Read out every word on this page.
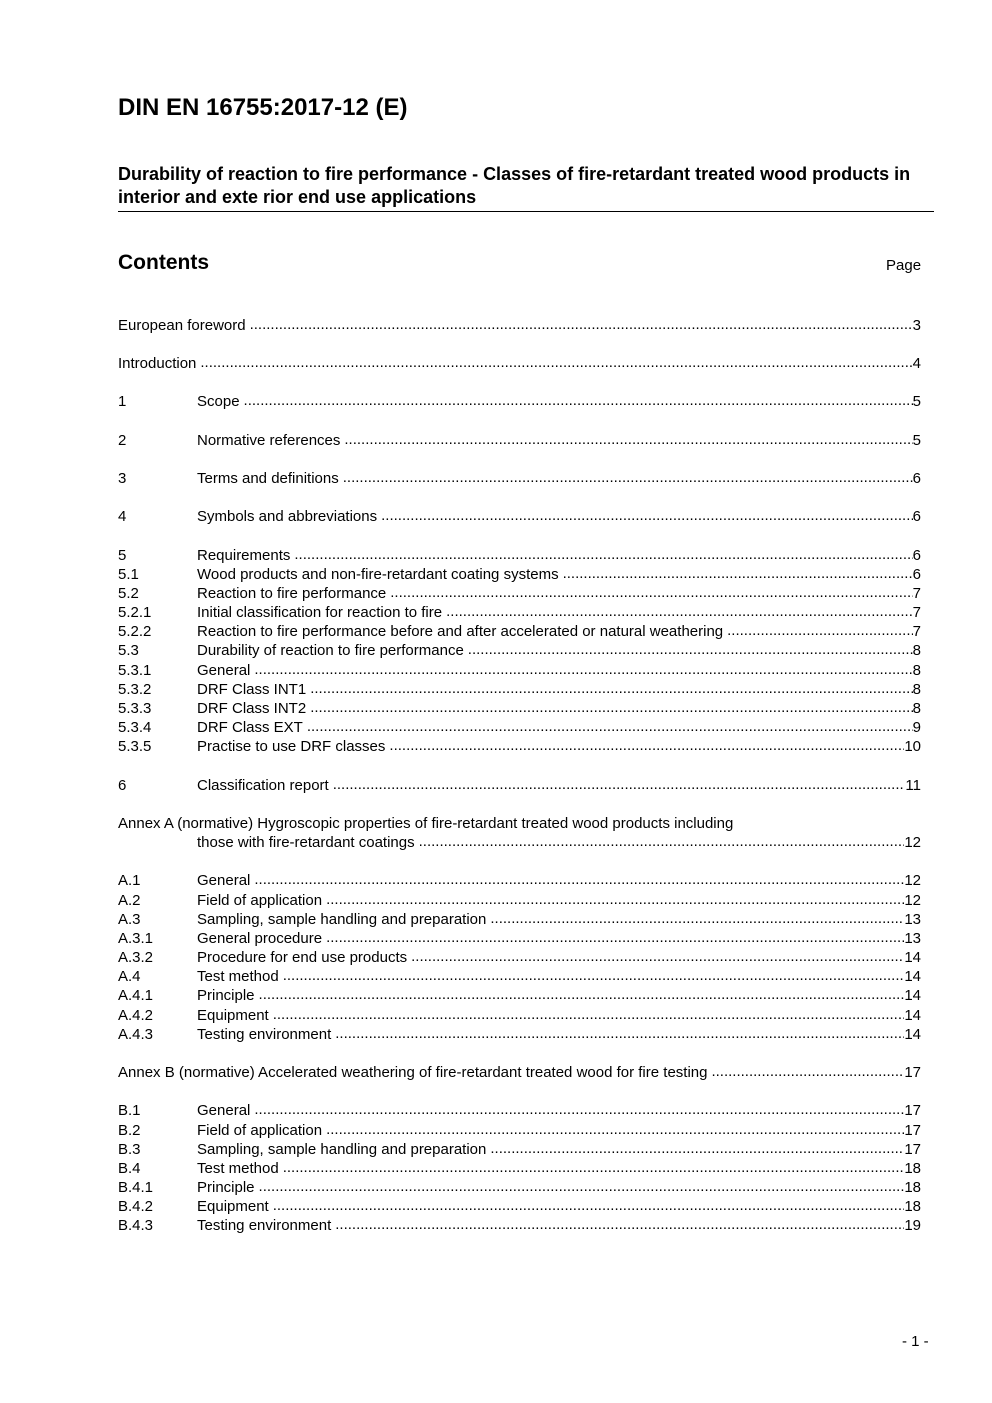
DIN EN 16755:2017-12 (E)
Durability of reaction to fire performance - Classes of fire-retardant treated wood products in interior and exte rior end use applications
Contents	Page
European foreword .....	3
Introduction .....	4
1	Scope .....	5
2	Normative references .....	5
3	Terms and definitions .....	6
4	Symbols and abbreviations .....	6
5	Requirements .....	6
5.1	Wood products and non-fire-retardant coating systems .....	6
5.2	Reaction to fire performance .....	7
5.2.1	Initial classification for reaction to fire .....	7
5.2.2	Reaction to fire performance before and after accelerated or natural weathering .....	7
5.3	Durability of reaction to fire performance .....	8
5.3.1	General .....	8
5.3.2	DRF Class INT1 .....	8
5.3.3	DRF Class INT2 .....	8
5.3.4	DRF Class EXT .....	9
5.3.5	Practise to use DRF classes .....	10
6	Classification report .....	11
Annex A (normative) Hygroscopic properties of fire-retardant treated wood products including
those with fire-retardant coatings .....	12
A.1	General .....	12
A.2	Field of application .....	12
A.3	Sampling, sample handling and preparation .....	13
A.3.1	General procedure .....	13
A.3.2	Procedure for end use products .....	14
A.4	Test method .....	14
A.4.1	Principle .....	14
A.4.2	Equipment .....	14
A.4.3	Testing environment .....	14
Annex B (normative) Accelerated weathering of fire-retardant treated wood for fire testing .....	17
B.1	General .....	17
B.2	Field of application .....	17
B.3	Sampling, sample handling and preparation .....	17
B.4	Test method .....	18
B.4.1	Principle .....	18
B.4.2	Equipment .....	18
B.4.3	Testing environment .....	19
- 1 -
